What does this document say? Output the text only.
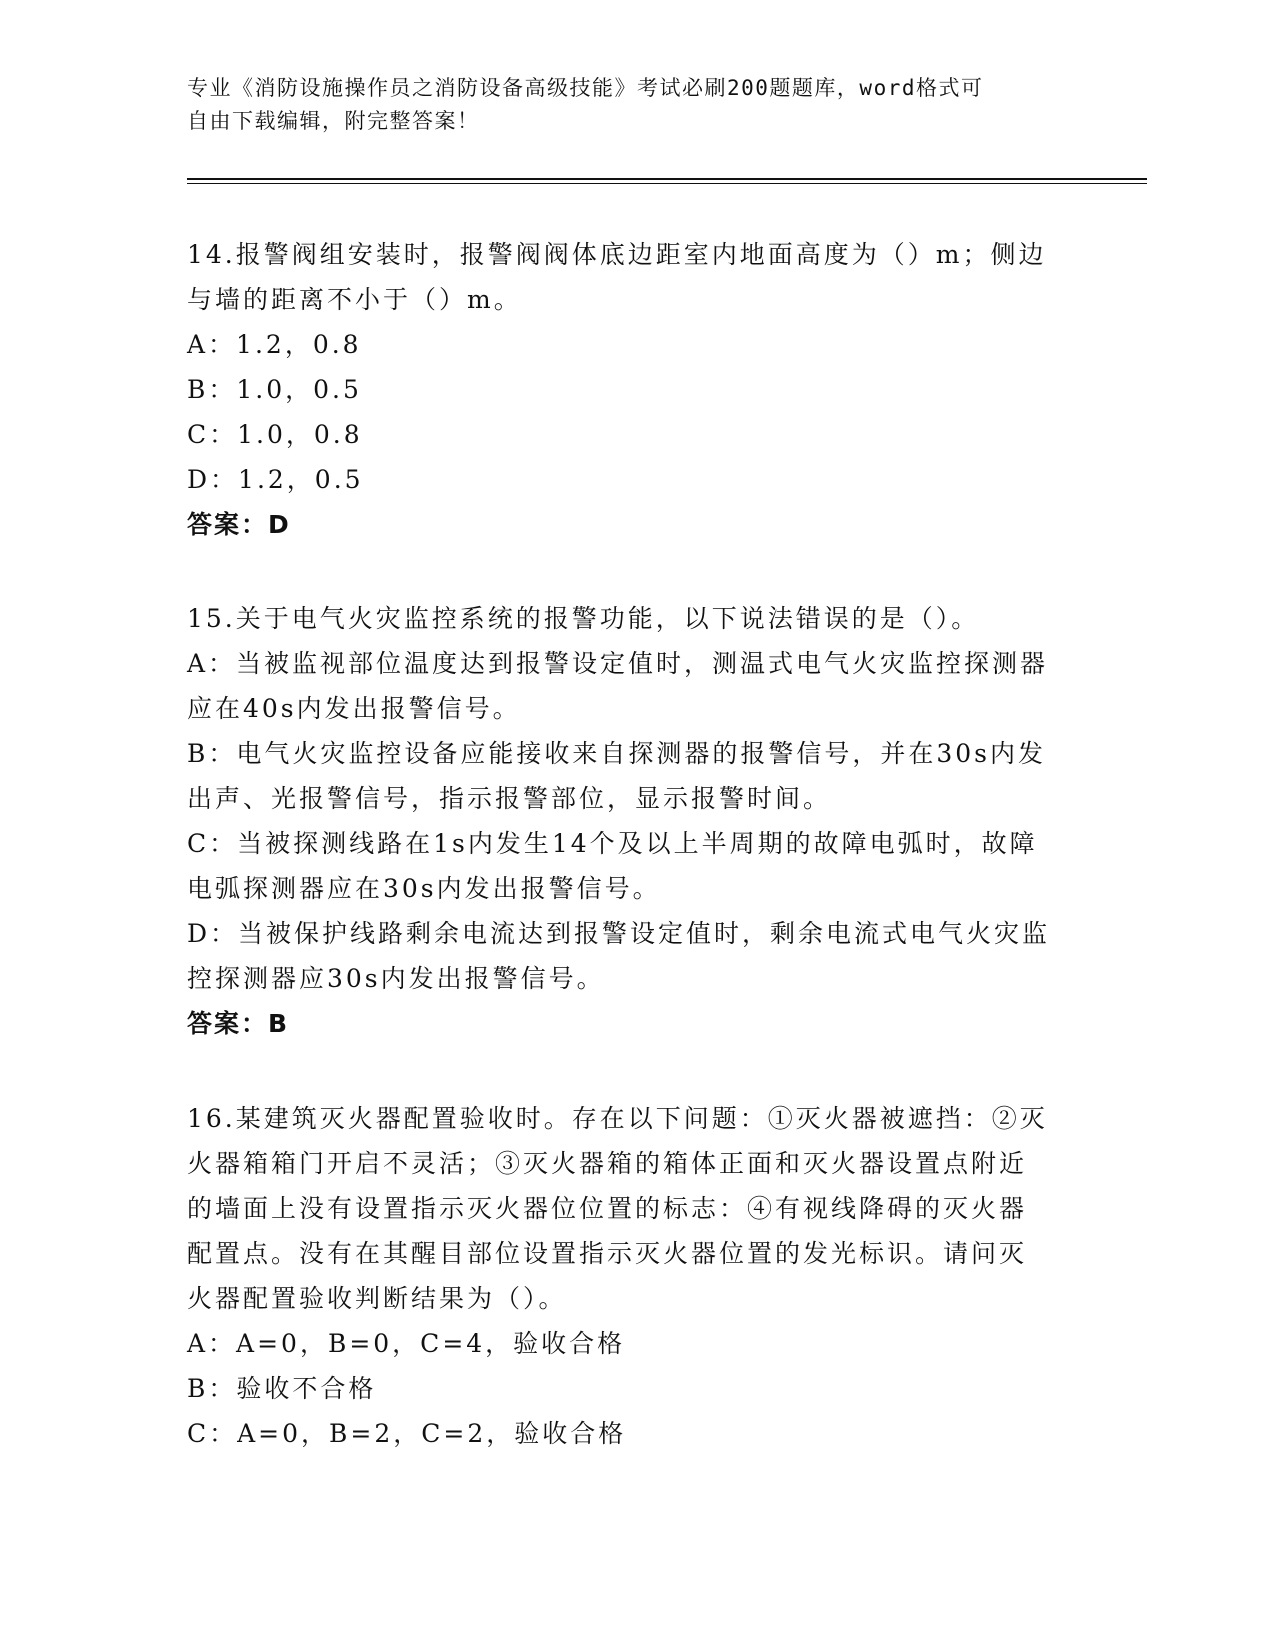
专业《消防设施操作员之消防设备高级技能》考试必刷200题题库，word格式可
自由下载编辑，附完整答案！
14.报警阀组安装时，报警阀阀体底边距室内地面高度为（）m；侧边
与墙的距离不小于（）m。
A：1.2，0.8
B：1.0，0.5
C：1.0，0.8
D：1.2，0.5
答案：D
15.关于电气火灾监控系统的报警功能，以下说法错误的是（）。
A：当被监视部位温度达到报警设定值时，测温式电气火灾监控探测器
应在40s内发出报警信号。
B：电气火灾监控设备应能接收来自探测器的报警信号，并在30s内发
出声、光报警信号，指示报警部位，显示报警时间。
C：当被探测线路在1s内发生14个及以上半周期的故障电弧时，故障
电弧探测器应在30s内发出报警信号。
D：当被保护线路剩余电流达到报警设定值时，剩余电流式电气火灾监
控探测器应30s内发出报警信号。
答案：B
16.某建筑灭火器配置验收时。存在以下问题：①灭火器被遮挡：②灭
火器箱箱门开启不灵活；③灭火器箱的箱体正面和灭火器设置点附近
的墙面上没有设置指示灭火器位位置的标志：④有视线降碍的灭火器
配置点。没有在其醒目部位设置指示灭火器位置的发光标识。请问灭
火器配置验收判断结果为（）。
A：A=0，B=0，C=4，验收合格
B：验收不合格
C：A=0，B=2，C=2，验收合格
